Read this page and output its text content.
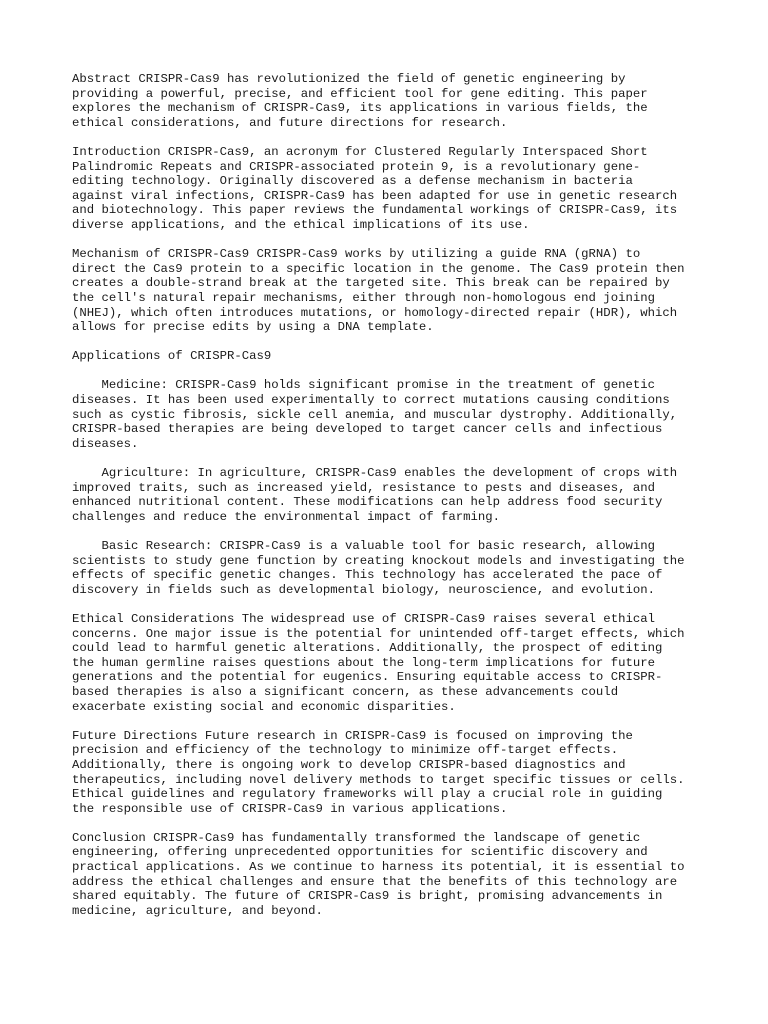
Abstract CRISPR-Cas9 has revolutionized the field of genetic engineering by
providing a powerful, precise, and efficient tool for gene editing. This paper
explores the mechanism of CRISPR-Cas9, its applications in various fields, the
ethical considerations, and future directions for research.

Introduction CRISPR-Cas9, an acronym for Clustered Regularly Interspaced Short
Palindromic Repeats and CRISPR-associated protein 9, is a revolutionary gene-
editing technology. Originally discovered as a defense mechanism in bacteria
against viral infections, CRISPR-Cas9 has been adapted for use in genetic research
and biotechnology. This paper reviews the fundamental workings of CRISPR-Cas9, its
diverse applications, and the ethical implications of its use.

Mechanism of CRISPR-Cas9 CRISPR-Cas9 works by utilizing a guide RNA (gRNA) to
direct the Cas9 protein to a specific location in the genome. The Cas9 protein then
creates a double-strand break at the targeted site. This break can be repaired by
the cell's natural repair mechanisms, either through non-homologous end joining
(NHEJ), which often introduces mutations, or homology-directed repair (HDR), which
allows for precise edits by using a DNA template.

Applications of CRISPR-Cas9

Medicine: CRISPR-Cas9 holds significant promise in the treatment of genetic
diseases. It has been used experimentally to correct mutations causing conditions
such as cystic fibrosis, sickle cell anemia, and muscular dystrophy. Additionally,
CRISPR-based therapies are being developed to target cancer cells and infectious
diseases.

Agriculture: In agriculture, CRISPR-Cas9 enables the development of crops with
improved traits, such as increased yield, resistance to pests and diseases, and
enhanced nutritional content. These modifications can help address food security
challenges and reduce the environmental impact of farming.

Basic Research: CRISPR-Cas9 is a valuable tool for basic research, allowing
scientists to study gene function by creating knockout models and investigating the
effects of specific genetic changes. This technology has accelerated the pace of
discovery in fields such as developmental biology, neuroscience, and evolution.

Ethical Considerations The widespread use of CRISPR-Cas9 raises several ethical
concerns. One major issue is the potential for unintended off-target effects, which
could lead to harmful genetic alterations. Additionally, the prospect of editing
the human germline raises questions about the long-term implications for future
generations and the potential for eugenics. Ensuring equitable access to CRISPR-
based therapies is also a significant concern, as these advancements could
exacerbate existing social and economic disparities.

Future Directions Future research in CRISPR-Cas9 is focused on improving the
precision and efficiency of the technology to minimize off-target effects.
Additionally, there is ongoing work to develop CRISPR-based diagnostics and
therapeutics, including novel delivery methods to target specific tissues or cells.
Ethical guidelines and regulatory frameworks will play a crucial role in guiding
the responsible use of CRISPR-Cas9 in various applications.

Conclusion CRISPR-Cas9 has fundamentally transformed the landscape of genetic
engineering, offering unprecedented opportunities for scientific discovery and
practical applications. As we continue to harness its potential, it is essential to
address the ethical challenges and ensure that the benefits of this technology are
shared equitably. The future of CRISPR-Cas9 is bright, promising advancements in
medicine, agriculture, and beyond.
